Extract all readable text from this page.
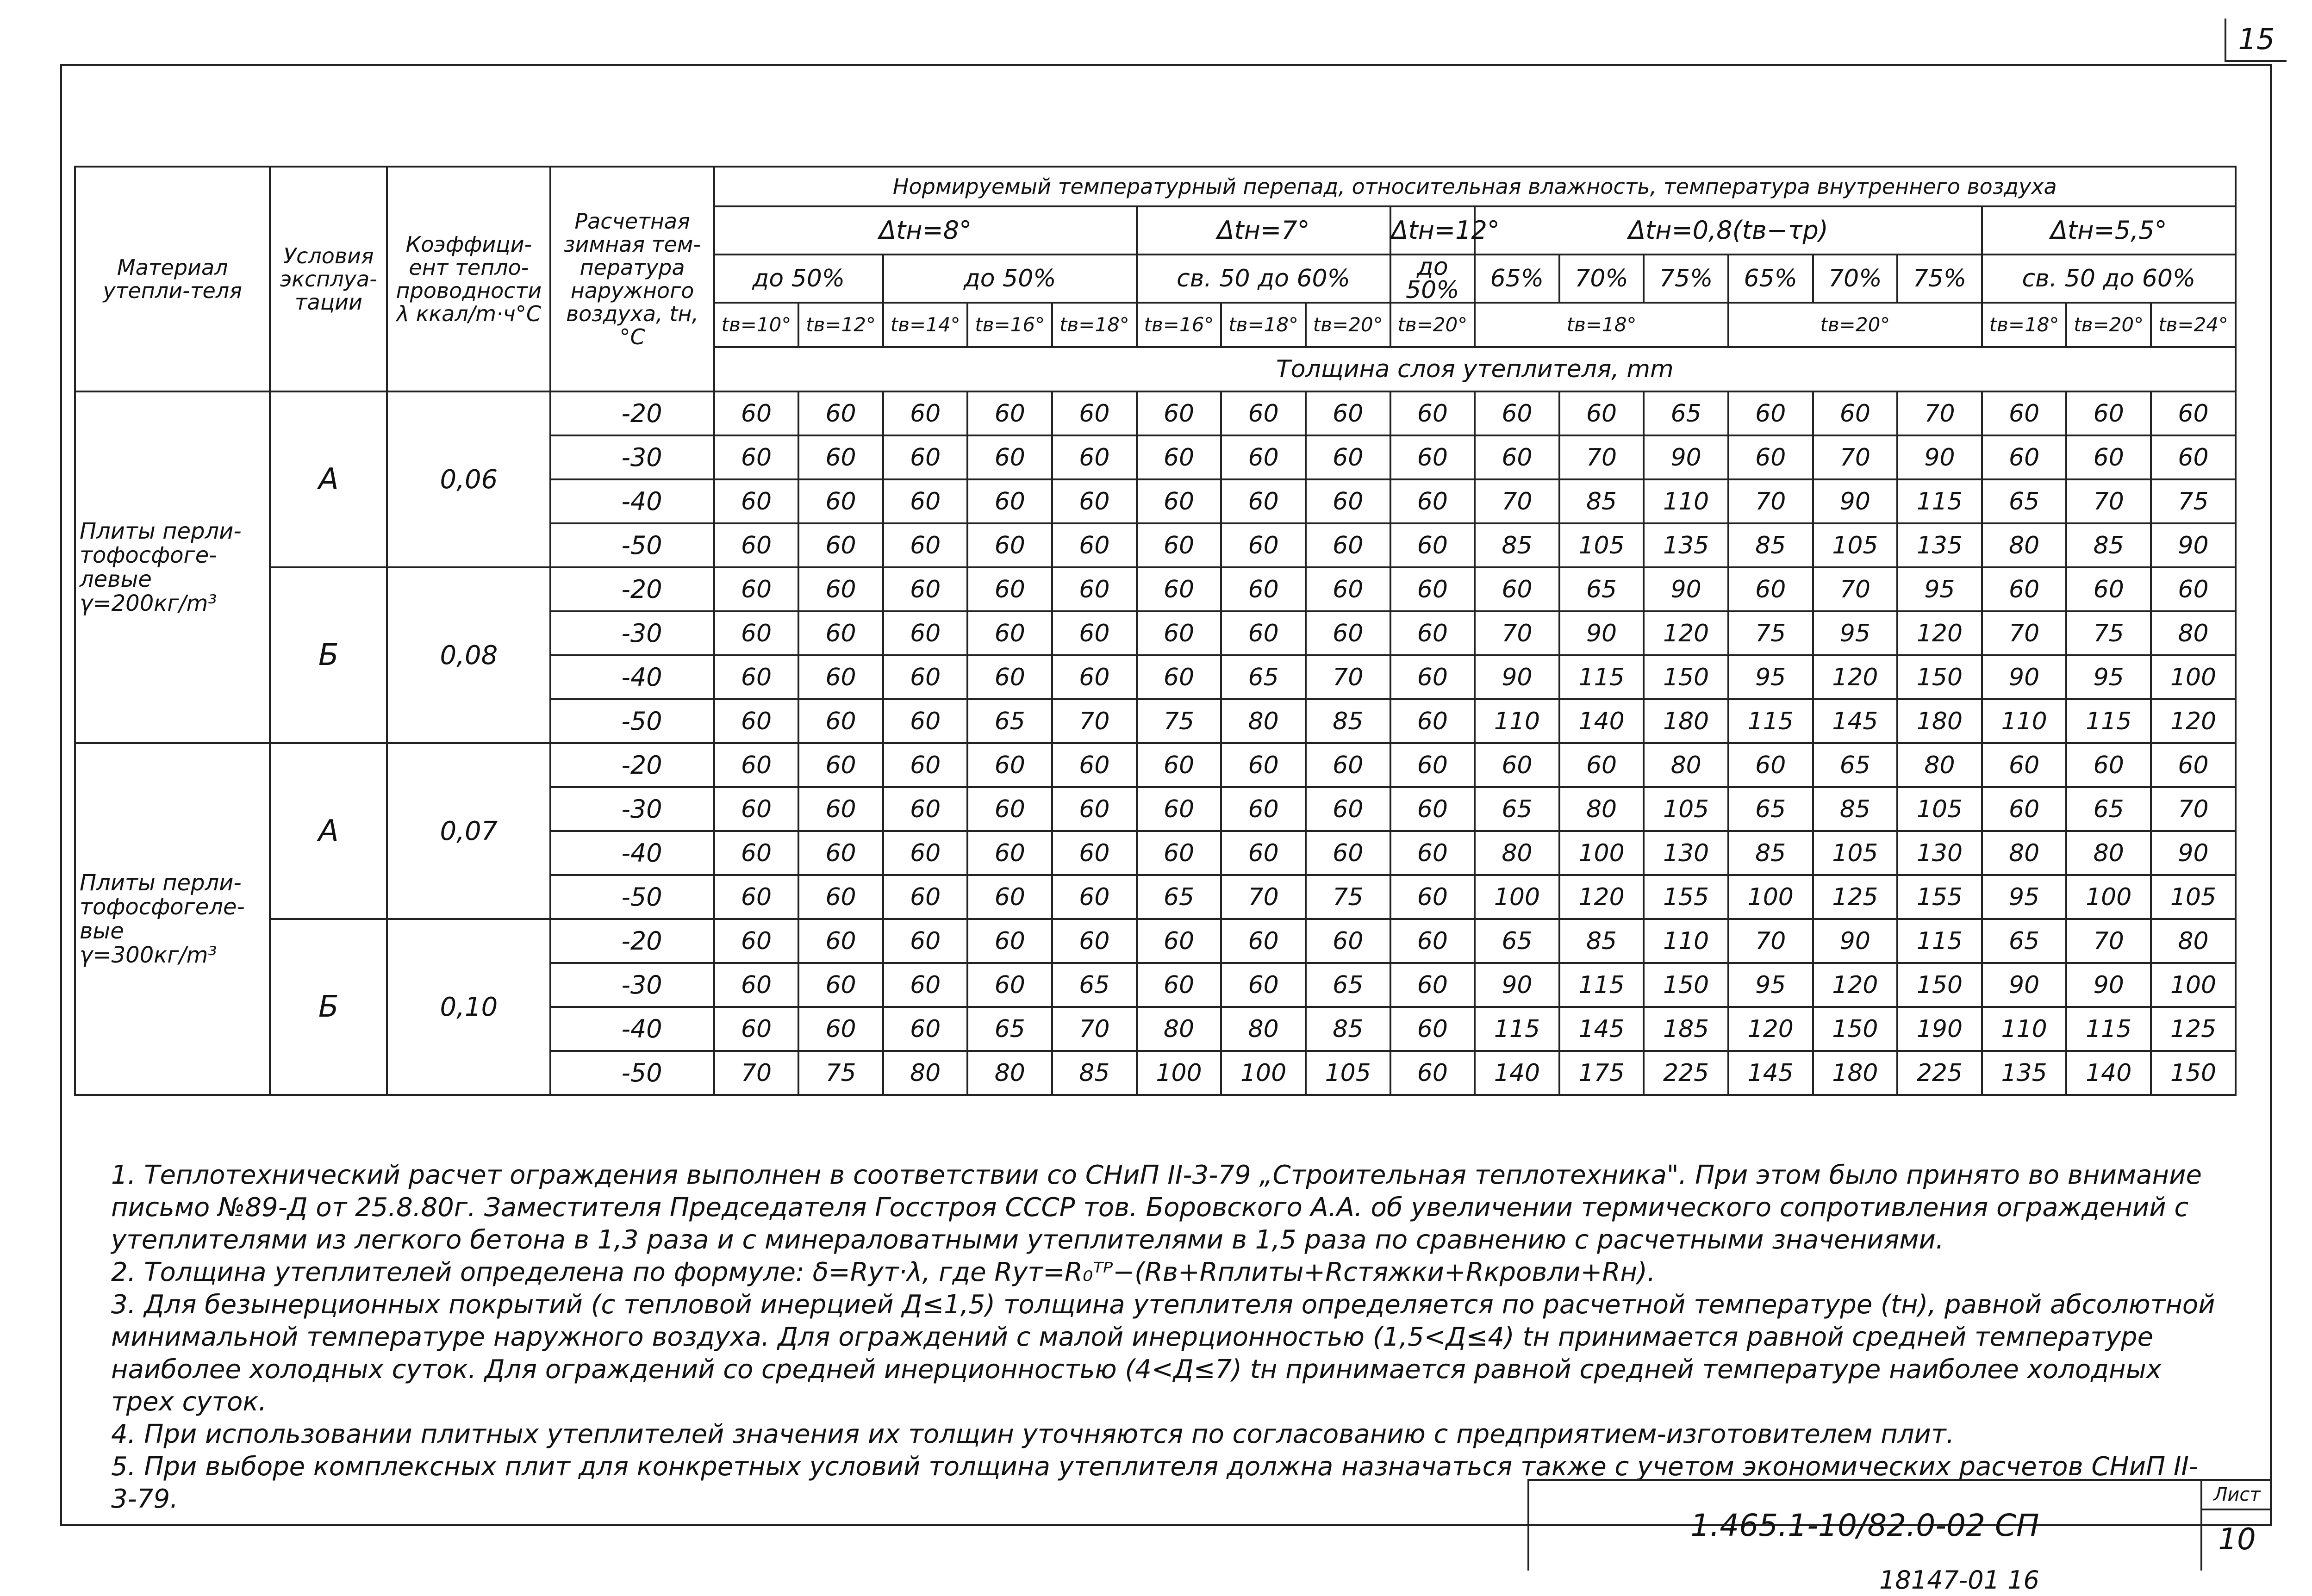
15
Материал утепли-теля	Условия эксплуа-тации	Коэффици-ент тепло-проводности λ ккал/m·ч°С	Расчетная зимная тем-пература наружного воздуха, tн, °С	Нормируемый температурный перепад, относительная влажность, температура внутреннего воздуха																	
				Δtн=8°					Δtн=7°			Δtн=12°	Δtн=0,8(tв−τр)						Δtн=5,5°		
				до 50%		до 50%			св. 50 до 60%			до 50%	65%	70%	75%	65%	70%	75%	св. 50 до 60%		
				tв=10°	tв=12°	tв=14°	tв=16°	tв=18°	tв=16°	tв=18°	tв=20°	tв=20°	tв=18°			tв=20°			tв=18°	tв=20°	tв=24°
				Толщина слоя утеплителя, mm																	
Плиты перли-тофосфоге-левые γ=200кг/m³	А	0,06	-20	60	60	60	60	60	60	60	60	60	60	60	65	60	60	70	60	60	60
			-30	60	60	60	60	60	60	60	60	60	60	70	90	60	70	90	60	60	60
			-40	60	60	60	60	60	60	60	60	60	70	85	110	70	90	115	65	70	75
			-50	60	60	60	60	60	60	60	60	60	85	105	135	85	105	135	80	85	90
	Б	0,08	-20	60	60	60	60	60	60	60	60	60	60	65	90	60	70	95	60	60	60
			-30	60	60	60	60	60	60	60	60	60	70	90	120	75	95	120	70	75	80
			-40	60	60	60	60	60	60	65	70	60	90	115	150	95	120	150	90	95	100
			-50	60	60	60	65	70	75	80	85	60	110	140	180	115	145	180	110	115	120
Плиты перли-тофосфогеле-вые γ=300кг/m³	А	0,07	-20	60	60	60	60	60	60	60	60	60	60	60	80	60	65	80	60	60	60
			-30	60	60	60	60	60	60	60	60	60	65	80	105	65	85	105	60	65	70
			-40	60	60	60	60	60	60	60	60	60	80	100	130	85	105	130	80	80	90
			-50	60	60	60	60	60	65	70	75	60	100	120	155	100	125	155	95	100	105
	Б	0,10	-20	60	60	60	60	60	60	60	60	60	65	85	110	70	90	115	65	70	80
			-30	60	60	60	60	65	60	60	65	60	90	115	150	95	120	150	90	90	100
			-40	60	60	60	65	70	80	80	85	60	115	145	185	120	150	190	110	115	125
			-50	70	75	80	80	85	100	100	105	60	140	175	225	145	180	225	135	140	150

1. Теплотехнический расчет ограждения выполнен в соответствии со СНиП II-3-79 „Строительная теплотехника". При этом было принято во внимание письмо №89-Д от 25.8.80г. Заместителя Председателя Госстроя СССР тов. Боровского А.А. об увеличении термического сопротивления ограждений с утеплителями из легкого бетона в 1,3 раза и с минераловатными утеплителями в 1,5 раза по сравнению с расчетными значениями.

2. Толщина утеплителей определена по формуле: δ=Rут·λ, где Rут=R₀ᵀᴾ−(Rв+Rплиты+Rстяжки+Rкровли+Rн).

3. Для безынерционных покрытий (с тепловой инерцией Д≤1,5) толщина утеплителя определяется по расчетной температуре (tн), равной абсолютной минимальной температуре наружного воздуха. Для ограждений с малой инерционностью (1,5<Д≤4) tн принимается равной средней температуре наиболее холодных суток. Для ограждений со средней инерционностью (4<Д≤7) tн принимается равной средней температуре наиболее холодных трех суток.

4. При использовании плитных утеплителей значения их толщин уточняются по согласованию с предприятием-изготовителем плит.

5. При выборе комплексных плит для конкретных условий толщина утеплителя должна назначаться также с учетом экономических расчетов СНиП II-3-79.

1.465.1-10/82.0-02 СП
Лист
10
18147-01 16
